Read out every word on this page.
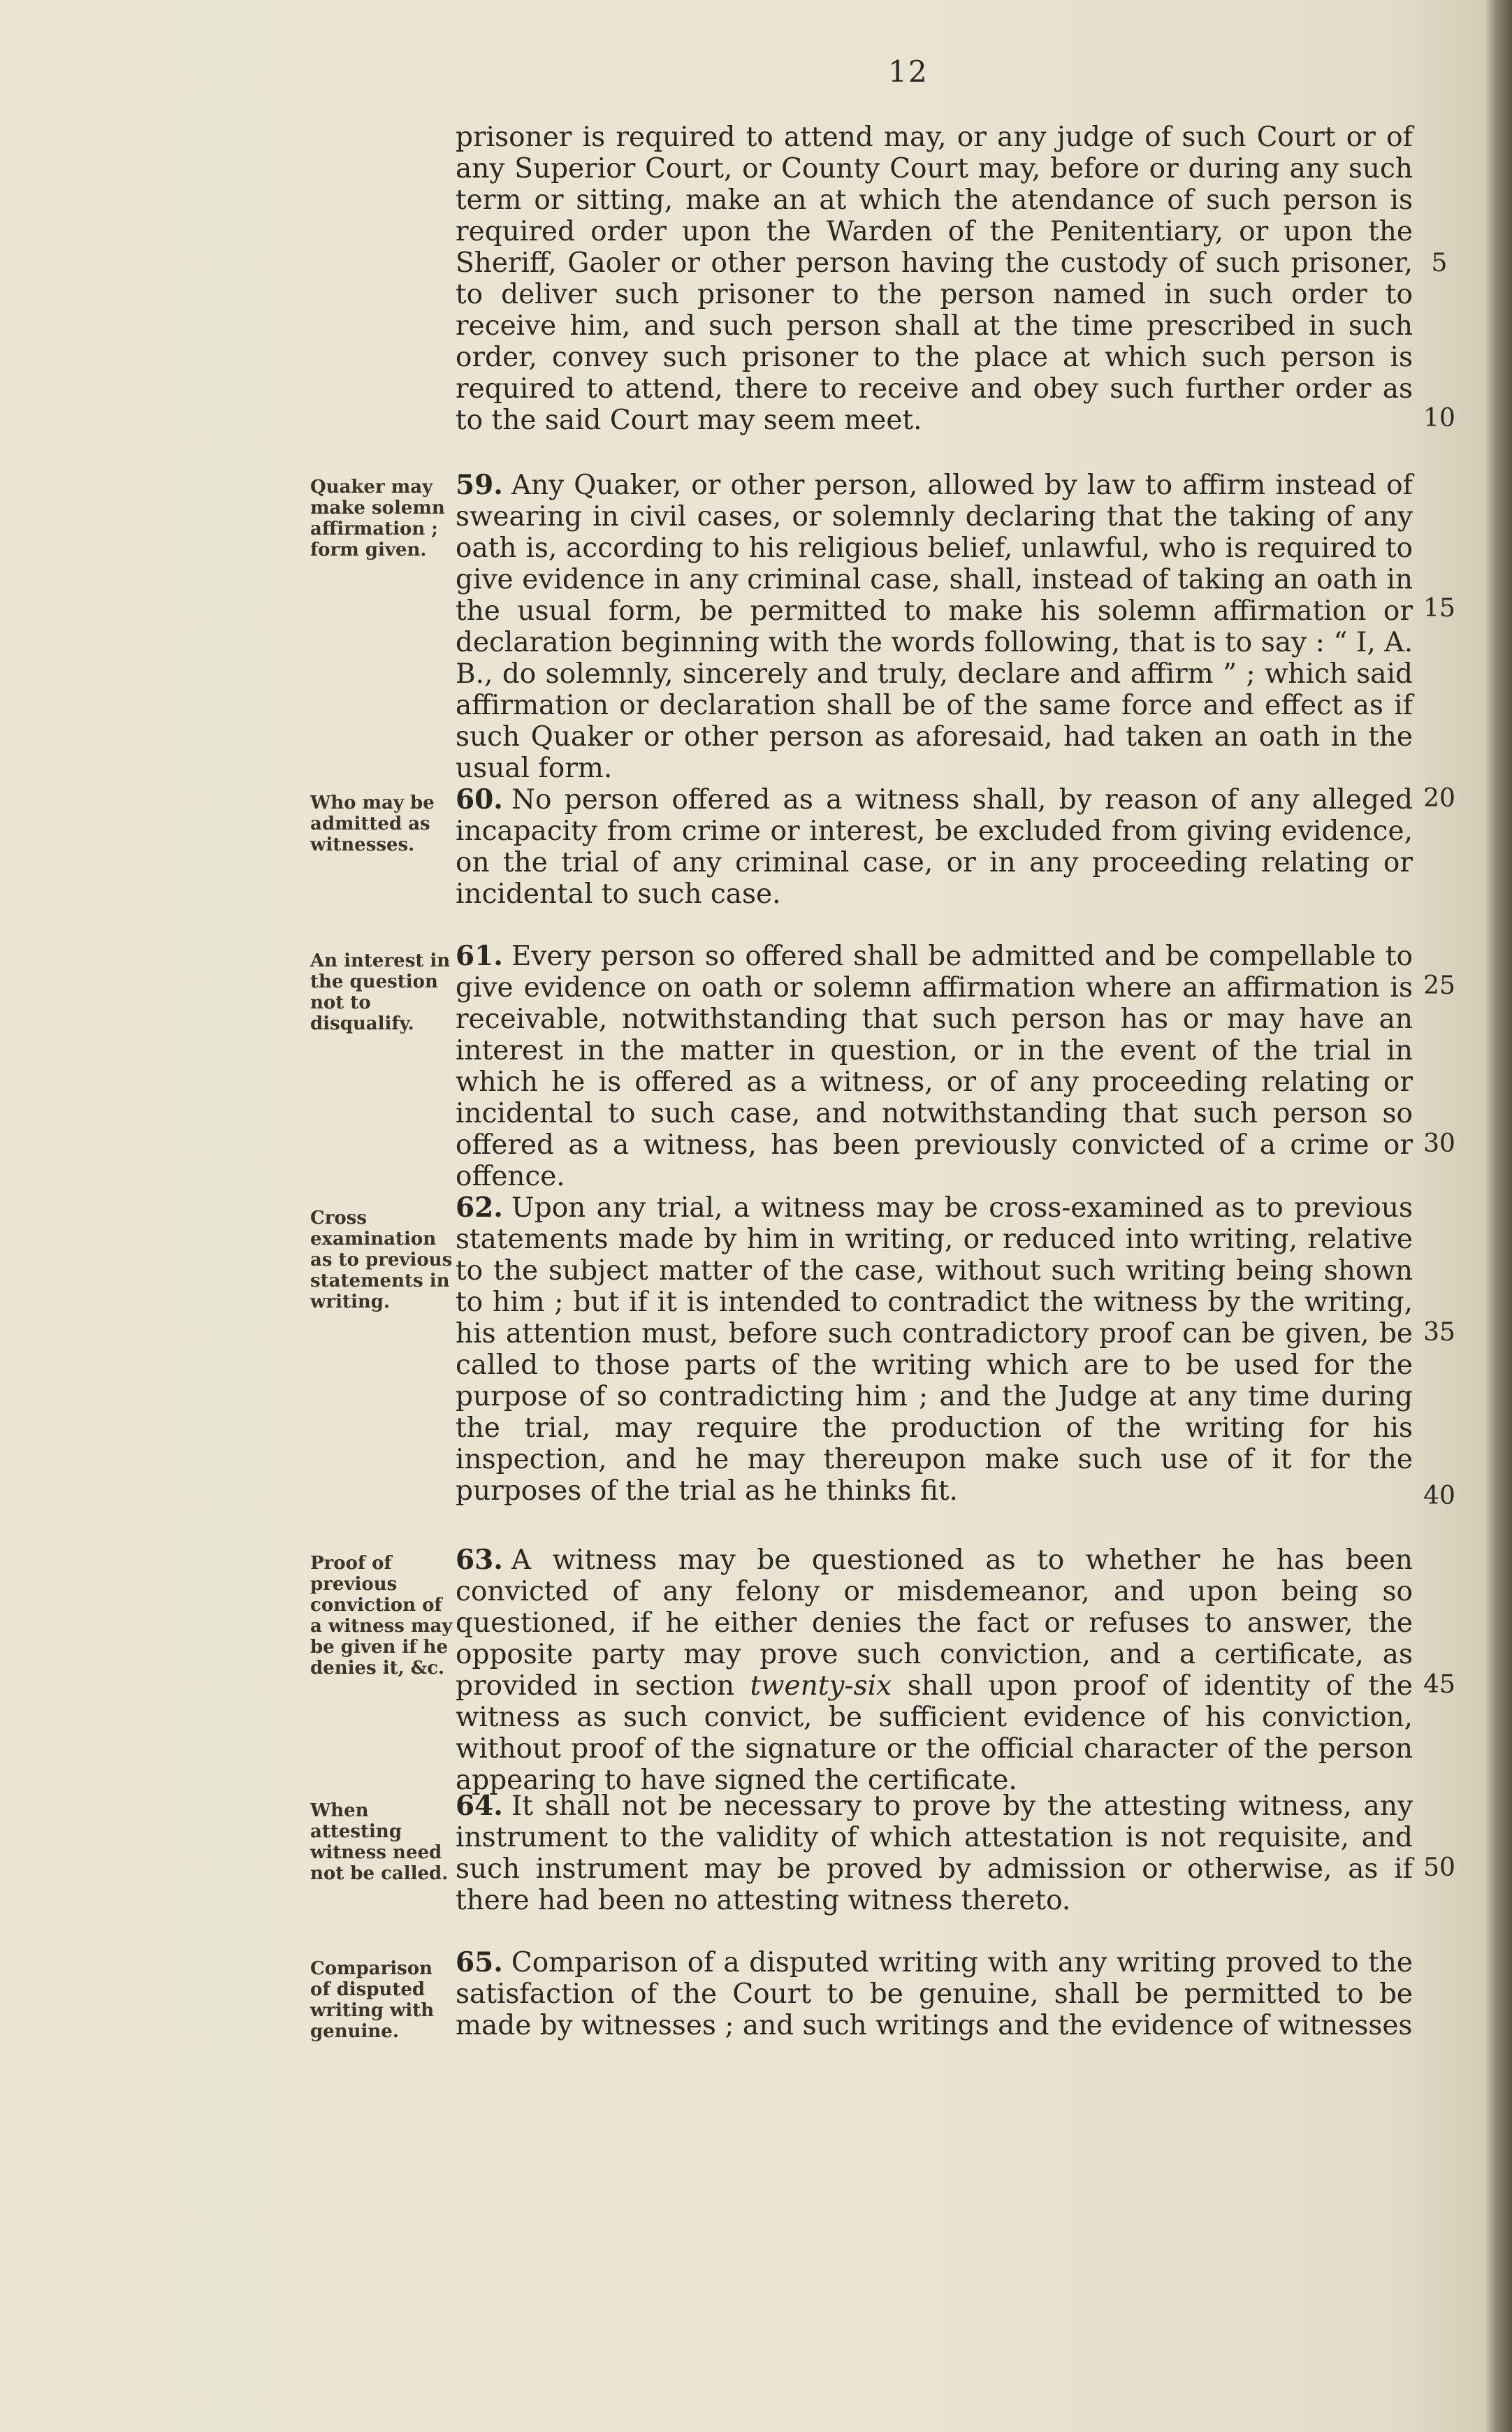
12

prisoner is required to attend may, or any judge of such Court or of any Superior Court, or County Court may, before or during any such term or sitting, make an at which the atendance of such person is required order upon the Warden of the Penitentiary, or upon the Sheriff, Gaoler or other person having the custody of such prisoner, to deliver such prisoner to the person named in such order to receive him, and such person shall at the time prescribed in such order, convey such prisoner to the place at which such person is required to attend, there to receive and obey such further order as to the said Court may seem meet.

Quaker may make solemn affirmation ; form given.

59. Any Quaker, or other person, allowed by law to affirm instead of swearing in civil cases, or solemnly declaring that the taking of any oath is, according to his religious belief, unlawful, who is required to give evidence in any criminal case, shall, instead of taking an oath in the usual form, be permitted to make his solemn affirmation or declaration beginning with the words following, that is to say : “ I, A. B., do solemnly, sincerely and truly, declare and affirm ” ; which said affirmation or declaration shall be of the same force and effect as if such Quaker or other person as aforesaid, had taken an oath in the usual form.

Who may be admitted as witnesses.

60. No person offered as a witness shall, by reason of any alleged incapacity from crime or interest, be excluded from giving evidence, on the trial of any criminal case, or in any proceeding relating or incidental to such case.

An interest in the question not to disqualify.

61. Every person so offered shall be admitted and be compellable to give evidence on oath or solemn affirmation where an affirmation is receivable, notwithstanding that such person has or may have an interest in the matter in question, or in the event of the trial in which he is offered as a witness, or of any proceeding relating or incidental to such case, and notwithstanding that such person so offered as a witness, has been previously convicted of a crime or offence.

Cross examination as to previous statements in writing.

62. Upon any trial, a witness may be cross-examined as to previous statements made by him in writing, or reduced into writing, relative to the subject matter of the case, without such writing being shown to him ; but if it is intended to contradict the witness by the writing, his attention must, before such contradictory proof can be given, be called to those parts of the writing which are to be used for the purpose of so contradicting him ; and the Judge at any time during the trial, may require the production of the writing for his inspection, and he may thereupon make such use of it for the purposes of the trial as he thinks fit.

Proof of previous conviction of a witness may be given if he denies it, &c.

63. A witness may be questioned as to whether he has been convicted of any felony or misdemeanor, and upon being so questioned, if he either denies the fact or refuses to answer, the opposite party may prove such conviction, and a certificate, as provided in section twenty-six shall upon proof of identity of the witness as such convict, be sufficient evidence of his conviction, without proof of the signature or the official character of the person appearing to have signed the certificate.

When attesting witness need not be called.

64. It shall not be necessary to prove by the attesting witness, any instrument to the validity of which attestation is not requisite, and such instrument may be proved by admission or otherwise, as if there had been no attesting witness thereto.

Comparison of disputed writing with genuine.

65. Comparison of a disputed writing with any writing proved to the satisfaction of the Court to be genuine, shall be permitted to be made by witnesses ; and such writings and the evidence of witnesses

5
10
15
20
25
30
35
40
45
50
